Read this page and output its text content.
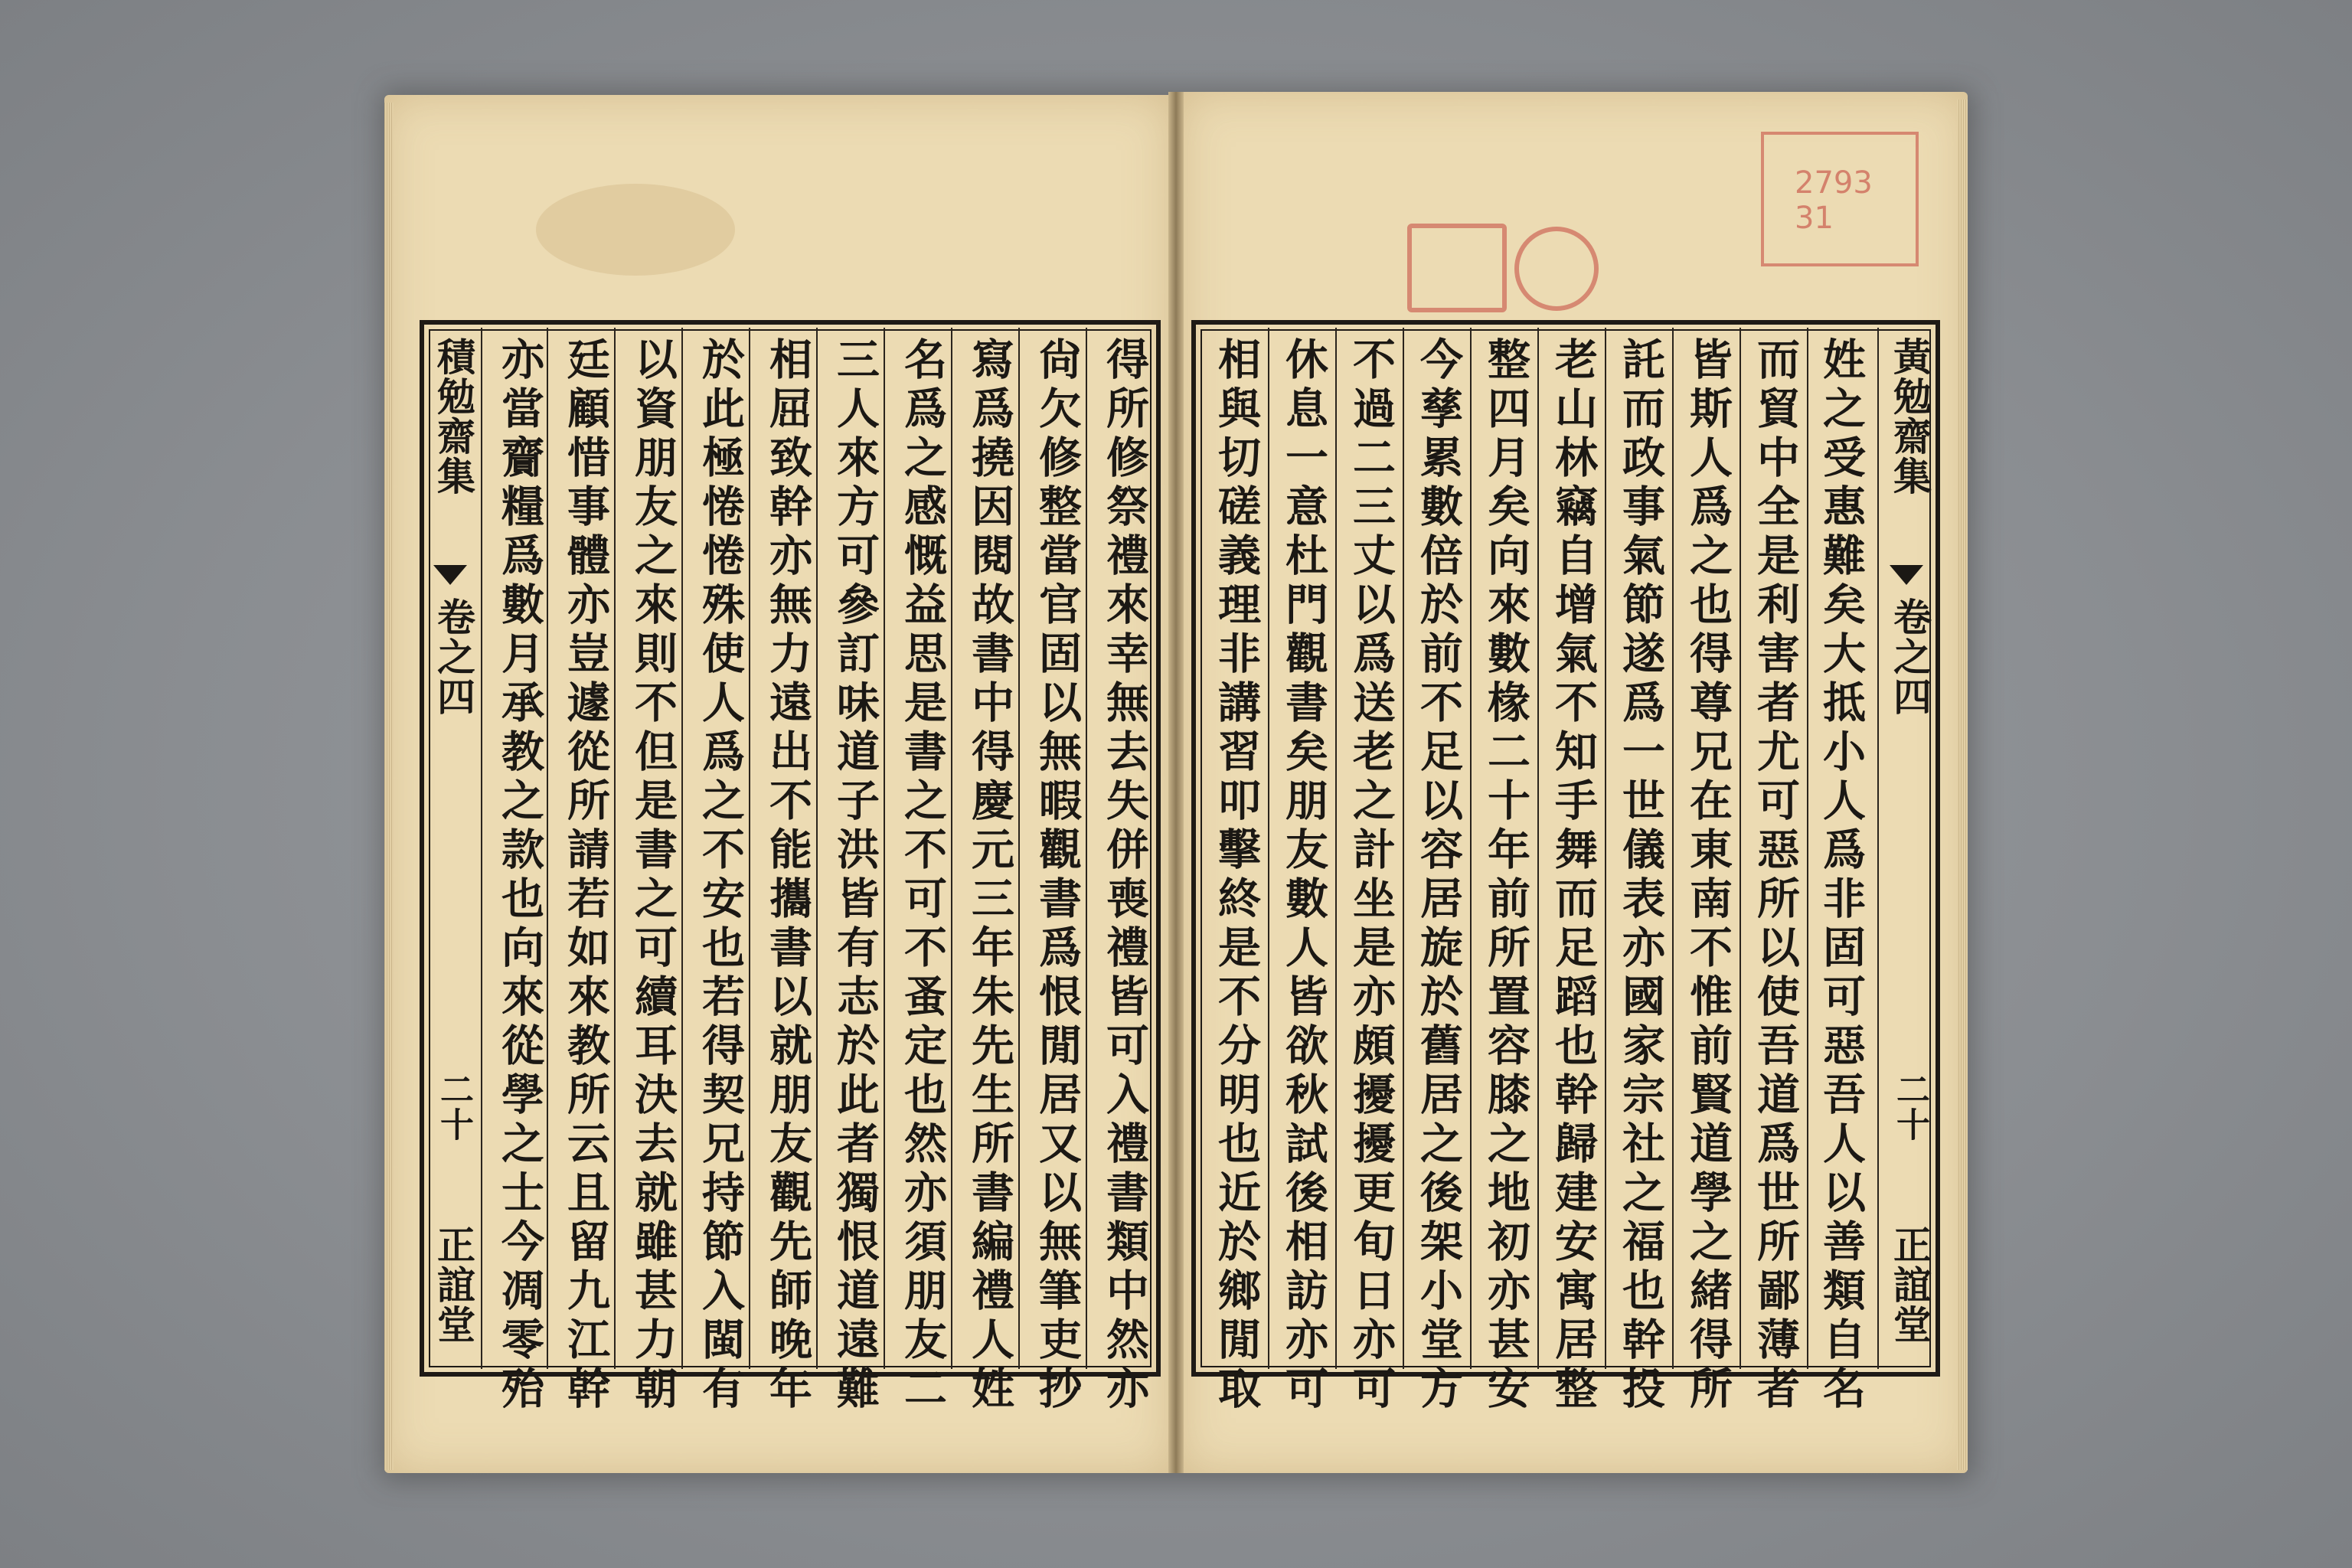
2793 31
積勉齋集
卷之四
二十
正誼堂	得所修祭禮來幸無去失併喪禮皆可入禮書類中然亦
尙欠修整當官固以無暇觀書爲恨閒居又以無筆吏抄
寫爲撓因閱故書中得慶元三年朱先生所書編禮人姓
名爲之感慨益思是書之不可不蚤定也然亦須朋友二
三人來方可參訂味道子洪皆有志於此者獨恨道遠難
相屈致幹亦無力遠出不能攜書以就朋友觀先師晚年
於此極惓惓殊使人爲之不安也若得契兄持節入閩有
以資朋友之來則不但是書之可續耳決去就雖甚力朝
廷顧惜事體亦豈遽從所請若如來教所云且留九江幹
亦當齎糧爲數月承教之款也向來從學之士今凋零殆	黃勉齋集
卷之四
二十
正誼堂
姓之受惠難矣大抵小人爲非固可惡吾人以善類自名
而貿中全是利害者尤可惡所以使吾道爲世所鄙薄者
皆斯人爲之也得尊兄在東南不惟前賢道學之緒得所
託而政事氣節遂爲一世儀表亦國家宗社之福也幹投
老山林竊自增氣不知手舞而足蹈也幹歸建安寓居整
整四月矣向來數椽二十年前所置容膝之地初亦甚安
今孳累數倍於前不足以容居旋於舊居之後架小堂方
不過二三丈以爲送老之計坐是亦頗擾擾更旬日亦可
休息一意杜門觀書矣朋友數人皆欲秋試後相訪亦可
相與切磋義理非講習叩擊終是不分明也近於鄉閒取
